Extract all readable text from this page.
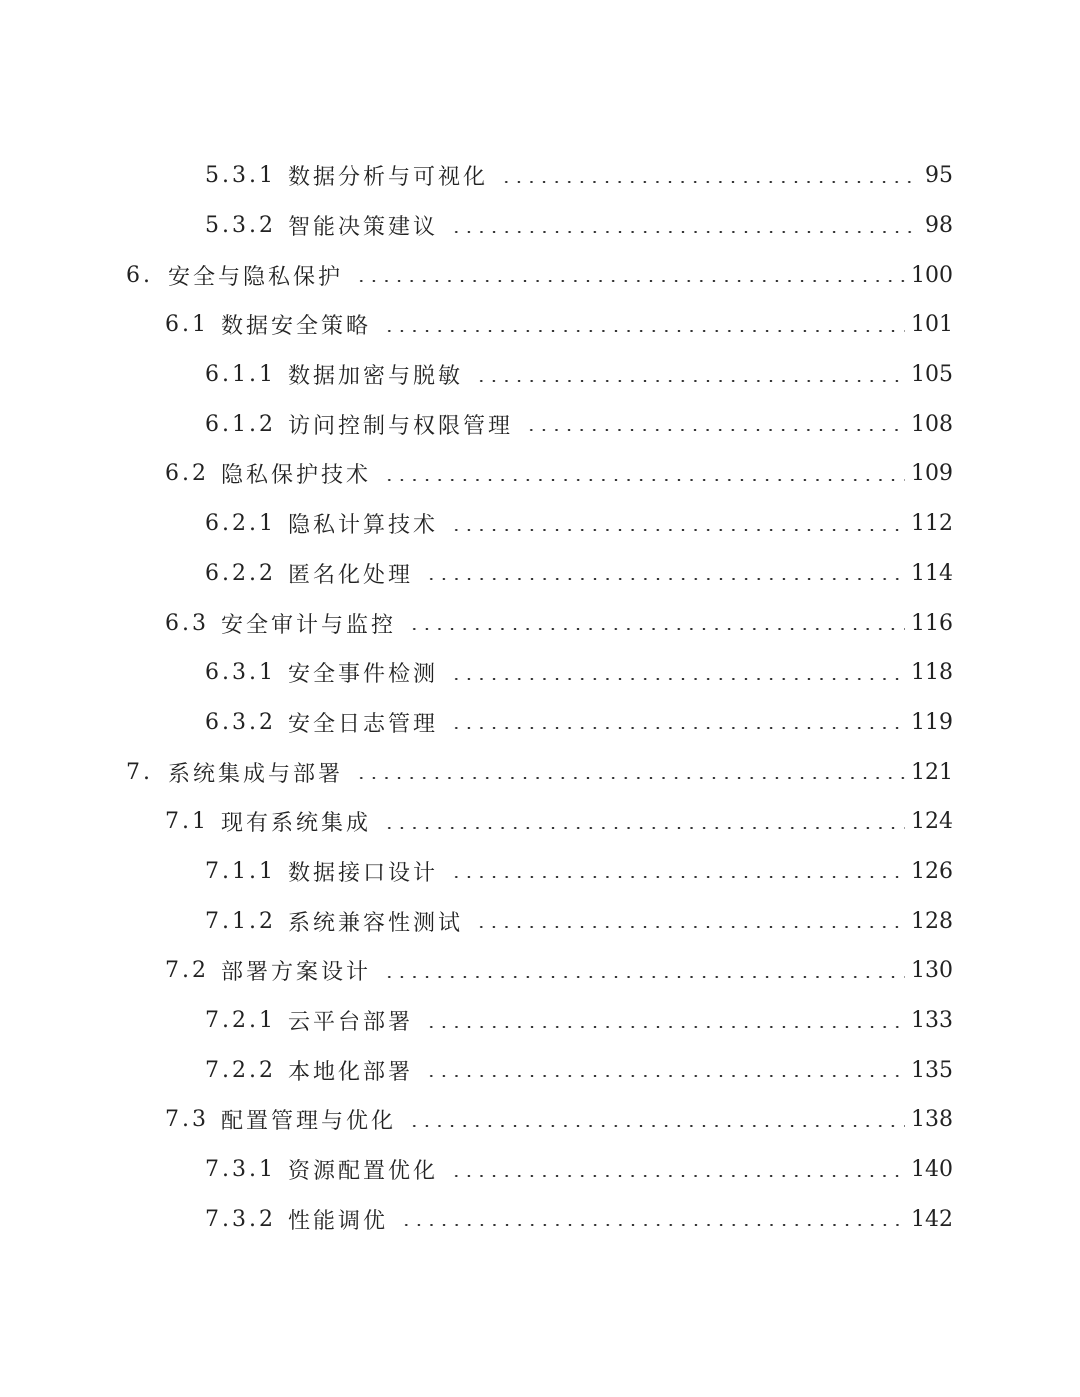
5.3.1 数据分析与可视化	95
5.3.2 智能决策建议	98
6. 安全与隐私保护	100
6.1 数据安全策略	101
6.1.1 数据加密与脱敏	105
6.1.2 访问控制与权限管理	108
6.2 隐私保护技术	109
6.2.1 隐私计算技术	112
6.2.2 匿名化处理	114
6.3 安全审计与监控	116
6.3.1 安全事件检测	118
6.3.2 安全日志管理	119
7. 系统集成与部署	121
7.1 现有系统集成	124
7.1.1 数据接口设计	126
7.1.2 系统兼容性测试	128
7.2 部署方案设计	130
7.2.1 云平台部署	133
7.2.2 本地化部署	135
7.3 配置管理与优化	138
7.3.1 资源配置优化	140
7.3.2 性能调优	142
